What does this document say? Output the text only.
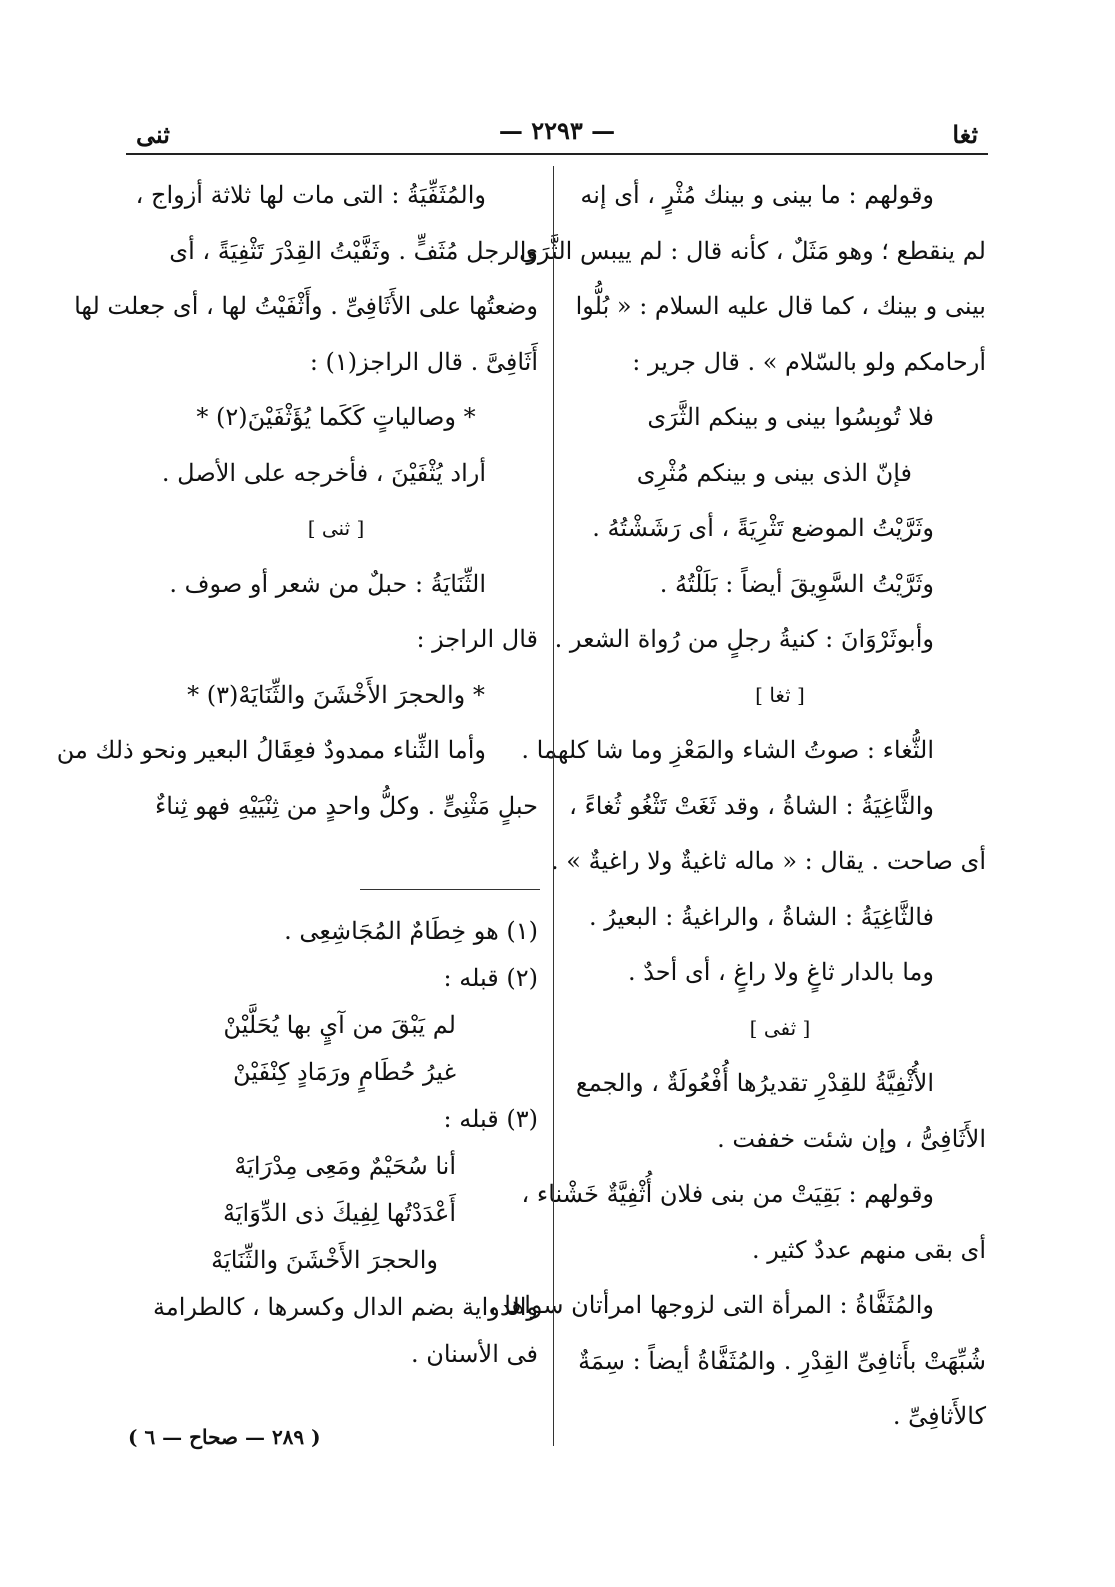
ثنى	— ٢٢٩٣ —	ثغا

وقولهم : ما بينى و بينك مُثْرٍ ، أى إنه

لم ينقطع ؛ وهو مَثَلٌ ، كأنه قال : لم ييبس الثَّرَى

بينى و بينك ، كما قال عليه السلام : « بُلُّوا

أرحامكم ولو بالسّلام » . قال جرير :

فلا تُوبِسُوا بينى و بينكم الثَّرَى

فإنّ الذى بينى و بينكم مُثْرِى

وثَرَّيْتُ الموضع تَثْرِيَةً ، أى رَشَشْتُهُ .

وثَرَّيْتُ السَّوِيقَ أيضاً : بَلَلْتُهُ .

وأبوثَرْوَانَ : كنيةُ رجلٍ من رُواة الشعر .

[ ثغا ]

الثُّغاء : صوتُ الشاء والمَعْزِ وما شا كلهما .

والثَّاغِيَةُ : الشاةُ ، وقد ثَغَتْ تَثْغُو ثُغاءً ،

أى صاحت . يقال : « ماله ثاغيةٌ ولا راغيةٌ » .

فالثَّاغِيَةُ : الشاةُ ، والراغيةُ : البعيرُ .

وما بالدار ثاغٍ ولا راغٍ ، أى أحدٌ .

[ ثفى ]

الأُثْفِيَّةُ للقِدْرِ تقديرُها أُفْعُولَةٌ ، والجمع

الأَثَافِىُّ ، وإن شئت خففت .

وقولهم : بَقِيَتْ من بنى فلان أُثْفِيَّةٌ خَشْناء ،

أى بقى منهم عددٌ كثير .

والمُثَفَّاةُ : المرأة التى لزوجها امرأتان سواها ،

شُبِّهَتْ بأَثافِىِّ القِدْرِ . والمُثَفَّاةُ أيضاً : سِمَةٌ

كالأَثافِىِّ .

والمُثَفِّيَةُ : التى مات لها ثلاثة أزواج ،

والرجل مُثَفٍّ . وثَفَّيْتُ القِدْرَ تَثْفِيَةً ، أى

وضعتُها على الأَثَافِىِّ . وأَثْفَيْتُ لها ، أى جعلت لها

أَثَافِىَّ . قال الراجز(١) :

* وصالياتٍ كَكَما يُؤَثْفَيْنَ(٢) *

أراد يُثْفَيْنَ ، فأخرجه على الأصل .

[ ثنى ]

الثِّنَايَةُ : حبلٌ من شعر أو صوف .

قال الراجز :

* والحجرَ الأَخْشَنَ والثِّنَايَهْ(٣) *

وأما الثِّناء ممدودٌ فعِقَالُ البعير ونحو ذلك من

حبلٍ مَثْنِىٍّ . وكلُّ واحدٍ من ثِنْيَيْهِ فهو ثِناءٌ

(١) هو خِطَامٌ المُجَاشِعِى .

(٢) قبله :

لم يَبْقَ من آيٍ بها يُحَلَّيْنْ

غيرُ حُطَامٍ ورَمَادٍ كِنْفَيْنْ

(٣) قبله :

أنا سُحَيْمٌ ومَعِى مِدْرَايَهْ

أَعْدَدْتُها لِفِيكَ ذى الدِّوَايَهْ

والحجرَ الأَخْشَنَ والثِّنَايَهْ

والدواية بضم الدال وكسرها ، كالطرامة

فى الأسنان .

( ٢٨٩ — صحاح — ٦ )
